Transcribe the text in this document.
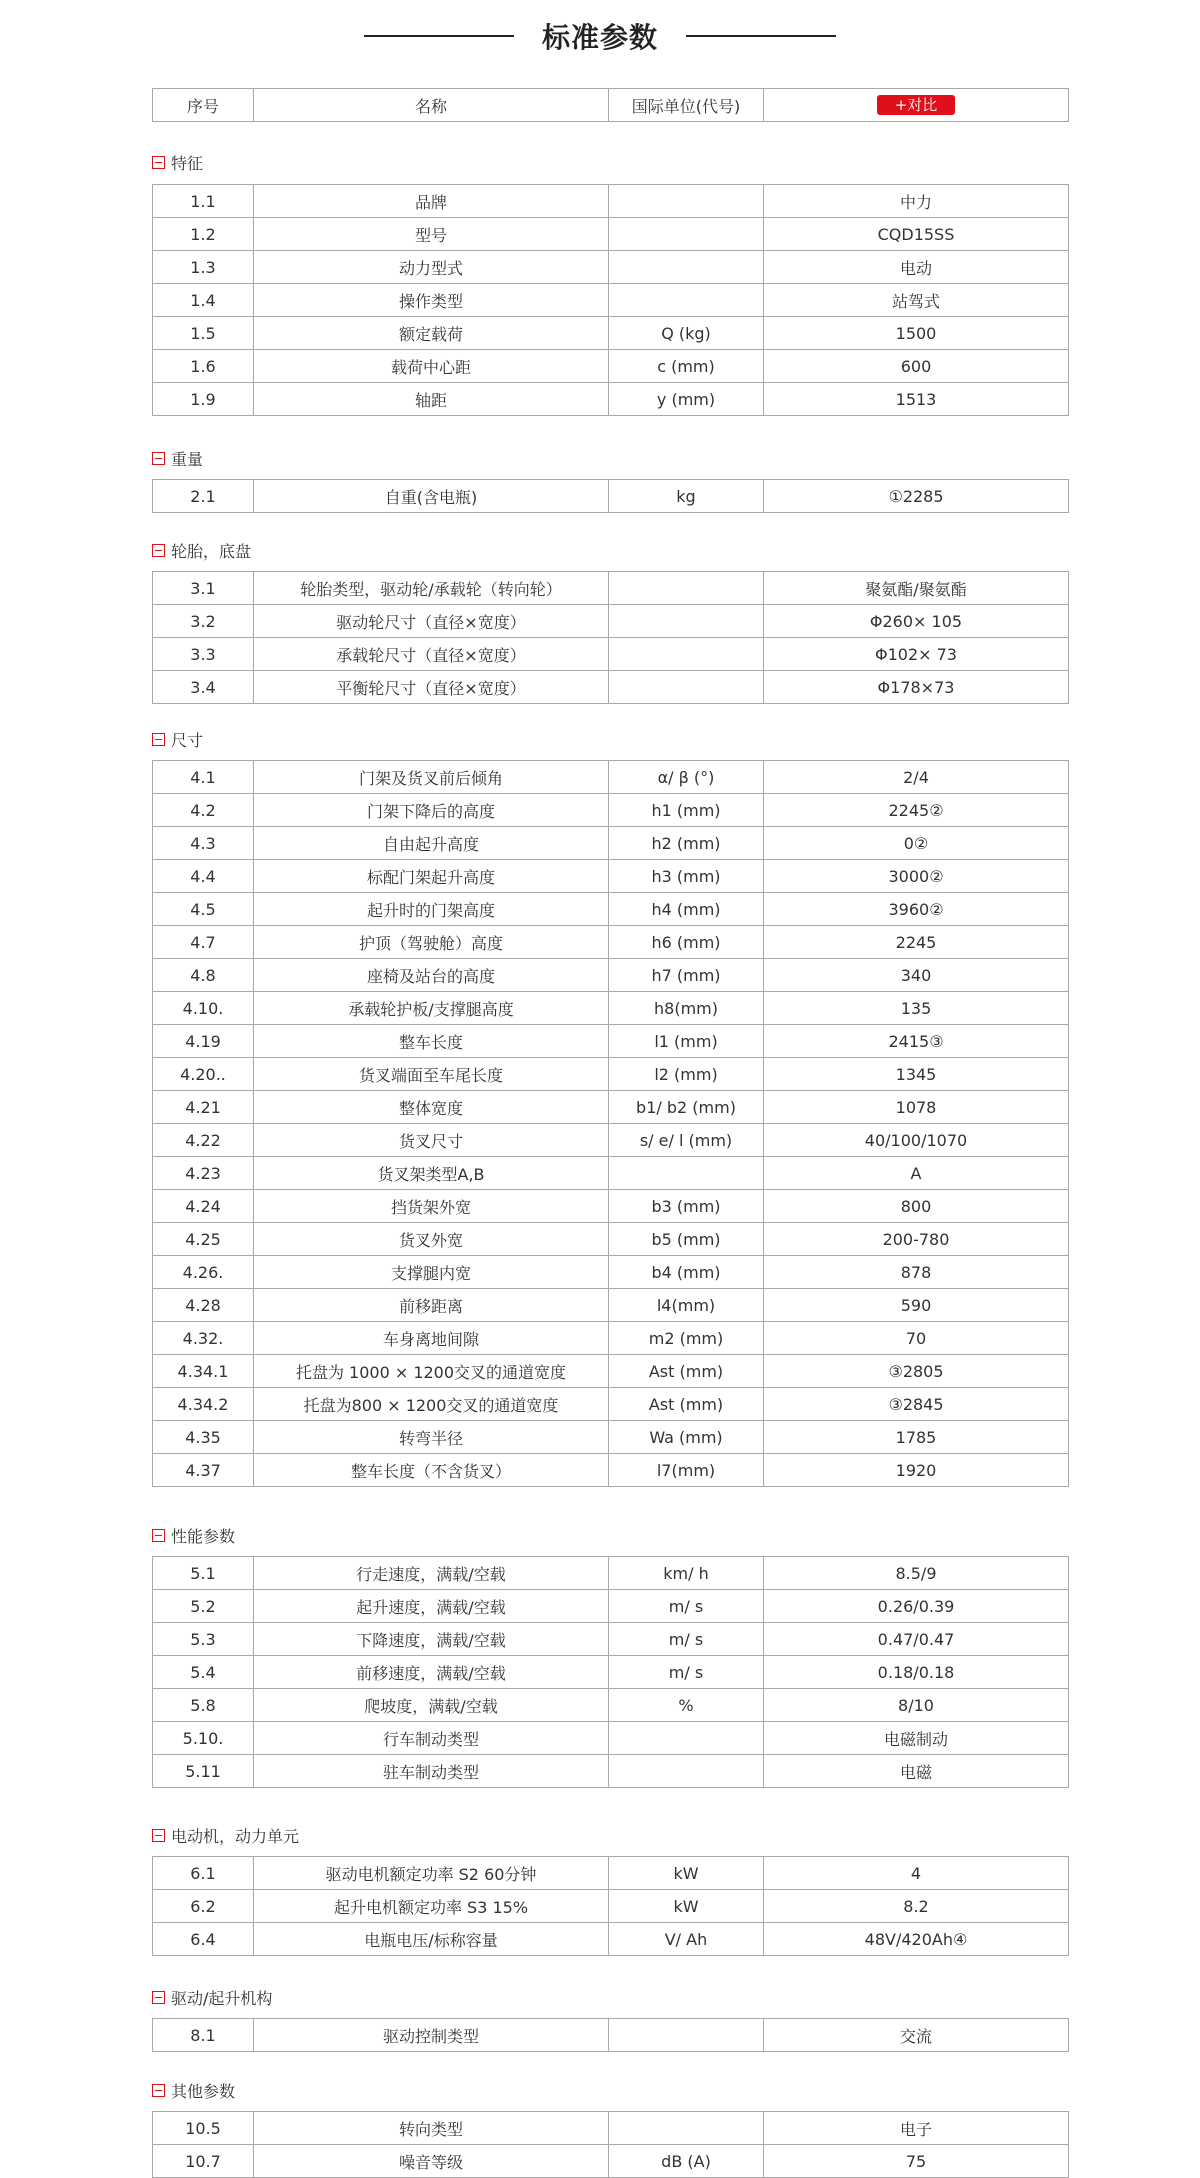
标准参数
序号	名称	国际单位(代号)	+对比
特征
1.1	品牌		中力
1.2	型号		CQD15SS
1.3	动力型式		电动
1.4	操作类型		站驾式
1.5	额定载荷	Q (kg)	1500
1.6	载荷中心距	c (mm)	600
1.9	轴距	y (mm)	1513
重量
2.1	自重(含电瓶)	kg	①2285
轮胎，底盘
3.1	轮胎类型，驱动轮/承载轮（转向轮）		聚氨酯/聚氨酯
3.2	驱动轮尺寸（直径×宽度）		Φ260× 105
3.3	承载轮尺寸（直径×宽度）		Φ102× 73
3.4	平衡轮尺寸（直径×宽度）		Φ178×73
尺寸
4.1	门架及货叉前后倾角	α/ β (°)	2/4
4.2	门架下降后的高度	h1 (mm)	2245②
4.3	自由起升高度	h2 (mm)	0②
4.4	标配门架起升高度	h3 (mm)	3000②
4.5	起升时的门架高度	h4 (mm)	3960②
4.7	护顶（驾驶舱）高度	h6 (mm)	2245
4.8	座椅及站台的高度	h7 (mm)	340
4.10.	承载轮护板/支撑腿高度	h8(mm)	135
4.19	整车长度	l1 (mm)	2415③
4.20..	货叉端面至车尾长度	l2 (mm)	1345
4.21	整体宽度	b1/ b2 (mm)	1078
4.22	货叉尺寸	s/ e/ l (mm)	40/100/1070
4.23	货叉架类型A,B		A
4.24	挡货架外宽	b3 (mm)	800
4.25	货叉外宽	b5 (mm)	200-780
4.26.	支撑腿内宽	b4 (mm)	878
4.28	前移距离	l4(mm)	590
4.32.	车身离地间隙	m2 (mm)	70
4.34.1	托盘为 1000 × 1200交叉的通道宽度	Ast (mm)	③2805
4.34.2	托盘为800 × 1200交叉的通道宽度	Ast (mm)	③2845
4.35	转弯半径	Wa (mm)	1785
4.37	整车长度（不含货叉）	l7(mm)	1920
性能参数
5.1	行走速度，满载/空载	km/ h	8.5/9
5.2	起升速度，满载/空载	m/ s	0.26/0.39
5.3	下降速度，满载/空载	m/ s	0.47/0.47
5.4	前移速度，满载/空载	m/ s	0.18/0.18
5.8	爬坡度，满载/空载	%	8/10
5.10.	行车制动类型		电磁制动
5.11	驻车制动类型		电磁
电动机，动力单元
6.1	驱动电机额定功率 S2 60分钟	kW	4
6.2	起升电机额定功率 S3 15%	kW	8.2
6.4	电瓶电压/标称容量	V/ Ah	48V/420Ah④
驱动/起升机构
8.1	驱动控制类型		交流
其他参数
10.5	转向类型		电子
10.7	噪音等级	dB (A)	75
